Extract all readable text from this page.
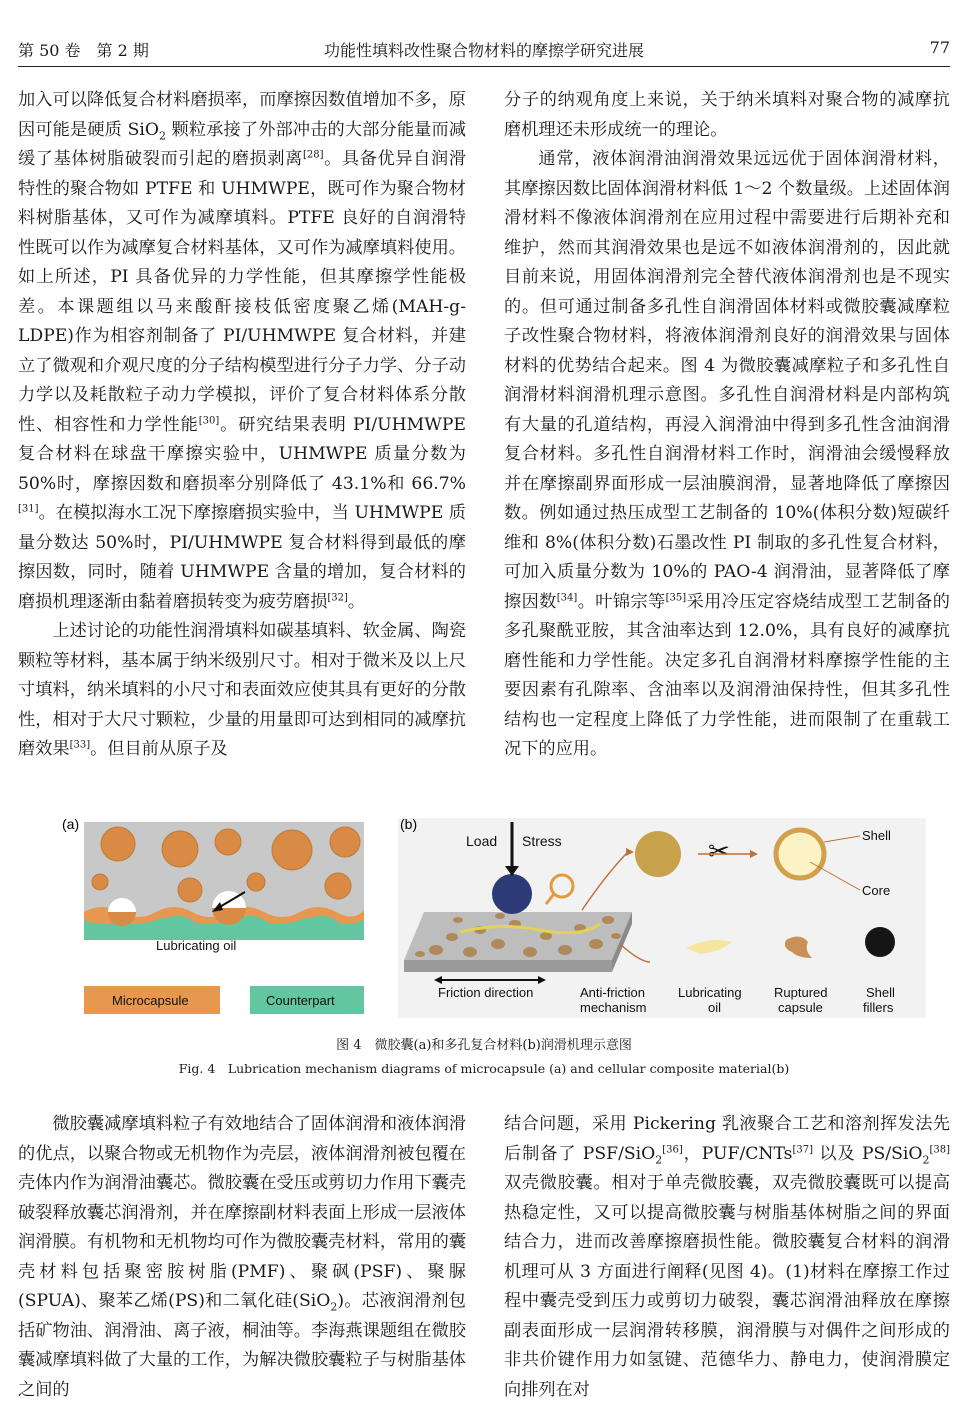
第 50 卷　第 2 期	功能性填料改性聚合物材料的摩擦学研究进展	77

加入可以降低复合材料磨损率，而摩擦因数值增加不多，原因可能是硬质 SiO$_2$ 颗粒承接了外部冲击的大部分能量而减缓了基体树脂破裂而引起的磨损剥离[28]。具备优异自润滑特性的聚合物如 PTFE 和 UHMWPE，既可作为聚合物材料树脂基体，又可作为减摩填料。PTFE 良好的自润滑特性既可以作为减摩复合材料基体，又可作为减摩填料使用。如上所述，PI 具备优异的力学性能，但其摩擦学性能极差。本课题组以马来酸酐接枝低密度聚乙烯(MAH-g-LDPE)作为相容剂制备了 PI/UHMWPE 复合材料，并建立了微观和介观尺度的分子结构模型进行分子力学、分子动力学以及耗散粒子动力学模拟，评价了复合材料体系分散性、相容性和力学性能[30]。研究结果表明 PI/UHMWPE 复合材料在球盘干摩擦实验中，UHMWPE 质量分数为 50%时，摩擦因数和磨损率分别降低了 43.1%和 66.7%[31]。在模拟海水工况下摩擦磨损实验中，当 UHMWPE 质量分数达 50%时，PI/UHMWPE 复合材料得到最低的摩擦因数，同时，随着 UHMWPE 含量的增加，复合材料的磨损机理逐渐由黏着磨损转变为疲劳磨损[32]。

上述讨论的功能性润滑填料如碳基填料、软金属、陶瓷颗粒等材料，基本属于纳米级别尺寸。相对于微米及以上尺寸填料，纳米填料的小尺寸和表面效应使其具有更好的分散性，相对于大尺寸颗粒，少量的用量即可达到相同的减摩抗磨效果[33]。但目前从原子及

分子的纳观角度上来说，关于纳米填料对聚合物的减摩抗磨机理还未形成统一的理论。

通常，液体润滑油润滑效果远远优于固体润滑材料，其摩擦因数比固体润滑材料低 1～2 个数量级。上述固体润滑材料不像液体润滑剂在应用过程中需要进行后期补充和维护，然而其润滑效果也是远不如液体润滑剂的，因此就目前来说，用固体润滑剂完全替代液体润滑剂也是不现实的。但可通过制备多孔性自润滑固体材料或微胶囊减摩粒子改性聚合物材料，将液体润滑剂良好的润滑效果与固体材料的优势结合起来。图 4 为微胶囊减摩粒子和多孔性自润滑材料润滑机理示意图。多孔性自润滑材料是内部构筑有大量的孔道结构，再浸入润滑油中得到多孔性含油润滑复合材料。多孔性自润滑材料工作时，润滑油会缓慢释放并在摩擦副界面形成一层油膜润滑，显著地降低了摩擦因数。例如通过热压成型工艺制备的 10%(体积分数)短碳纤维和 8%(体积分数)石墨改性 PI 制取的多孔性复合材料，可加入质量分数为 10%的 PAO-4 润滑油，显著降低了摩擦因数[34]。叶锦宗等[35]采用冷压定容烧结成型工艺制备的多孔聚酰亚胺，其含油率达到 12.0%，具有良好的减摩抗磨性能和力学性能。决定多孔自润滑材料摩擦学性能的主要因素有孔隙率、含油率以及润滑油保持性，但其多孔性结构也一定程度上降低了力学性能，进而限制了在重载工况下的应用。

(a)
Lubricating oil
Microcapsule	Counterpart
(b)
Load Stress	✂
Shell
Core
Friction direction	Anti-friction
mechanism
Lubricating
oil
Ruptured
capsule
Shell
fillers
图 4　微胶囊(a)和多孔复合材料(b)润滑机理示意图
Fig. 4　Lubrication mechanism diagrams of microcapsule (a) and cellular composite material(b)

微胶囊减摩填料粒子有效地结合了固体润滑和液体润滑的优点，以聚合物或无机物作为壳层，液体润滑剂被包覆在壳体内作为润滑油囊芯。微胶囊在受压或剪切力作用下囊壳破裂释放囊芯润滑剂，并在摩擦副材料表面上形成一层液体润滑膜。有机物和无机物均可作为微胶囊壳材料，常用的囊壳材料包括聚密胺树脂(PMF)、聚砜(PSF)、聚脲(SPUA)、聚苯乙烯(PS)和二氧化硅(SiO$_2$)。芯液润滑剂包括矿物油、润滑油、离子液，桐油等。李海燕课题组在微胶囊减摩填料做了大量的工作，为解决微胶囊粒子与树脂基体之间的

结合问题，采用 Pickering 乳液聚合工艺和溶剂挥发法先后制备了 PSF/SiO$_2$[36]，PUF/CNTs[37] 以及 PS/SiO$_2$[38]双壳微胶囊。相对于单壳微胶囊，双壳微胶囊既可以提高热稳定性，又可以提高微胶囊与树脂基体树脂之间的界面结合力，进而改善摩擦磨损性能。微胶囊复合材料的润滑机理可从 3 方面进行阐释(见图 4)。(1)材料在摩擦工作过程中囊壳受到压力或剪切力破裂，囊芯润滑油释放在摩擦副表面形成一层润滑转移膜，润滑膜与对偶件之间形成的非共价键作用力如氢键、范德华力、静电力，使润滑膜定向排列在对
